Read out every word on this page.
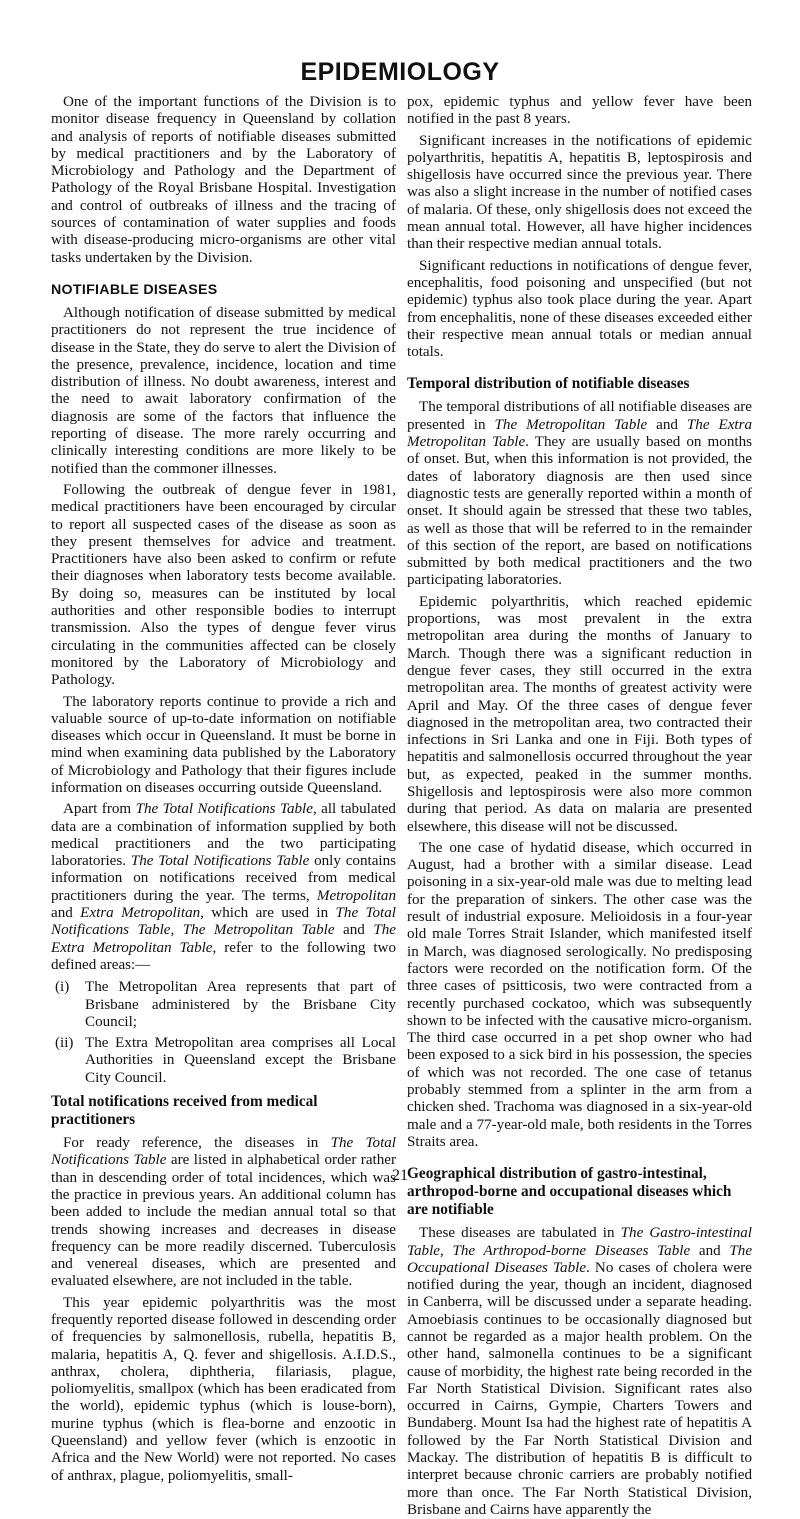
EPIDEMIOLOGY

One of the important functions of the Division is to monitor disease frequency in Queensland by collation and analysis of reports of notifiable diseases submitted by medical practitioners and by the Laboratory of Microbiology and Pathology and the Department of Pathology of the Royal Brisbane Hospital. Investigation and control of outbreaks of illness and the tracing of sources of contamination of water supplies and foods with disease-producing micro-organisms are other vital tasks undertaken by the Division.

NOTIFIABLE DISEASES

Although notification of disease submitted by medical practitioners do not represent the true incidence of disease in the State, they do serve to alert the Division of the presence, prevalence, incidence, location and time distribution of illness. No doubt awareness, interest and the need to await laboratory confirmation of the diagnosis are some of the factors that influence the reporting of disease. The more rarely occurring and clinically interesting conditions are more likely to be notified than the commoner illnesses.

Following the outbreak of dengue fever in 1981, medical practitioners have been encouraged by circular to report all suspected cases of the disease as soon as they present themselves for advice and treatment. Practitioners have also been asked to confirm or refute their diagnoses when laboratory tests become available. By doing so, measures can be instituted by local authorities and other responsible bodies to interrupt transmission. Also the types of dengue fever virus circulating in the communities affected can be closely monitored by the Laboratory of Microbiology and Pathology.

The laboratory reports continue to provide a rich and valuable source of up-to-date information on notifiable diseases which occur in Queensland. It must be borne in mind when examining data published by the Laboratory of Microbiology and Pathology that their figures include information on diseases occurring outside Queensland.

Apart from The Total Notifications Table, all tabulated data are a combination of information supplied by both medical practitioners and the two participating laboratories. The Total Notifications Table only contains information on notifications received from medical practitioners during the year. The terms, Metropolitan and Extra Metropolitan, which are used in The Total Notifications Table, The Metropolitan Table and The Extra Metropolitan Table, refer to the following two defined areas:—

(i)	The Metropolitan Area represents that part of Brisbane administered by the Brisbane City Council;
(ii) The Extra Metropolitan area comprises all Local Authorities in Queensland except the Brisbane City Council.
Total notifications received from medical practitioners

For ready reference, the diseases in The Total Notifications Table are listed in alphabetical order rather than in descending order of total incidences, which was the practice in previous years. An additional column has been added to include the median annual total so that trends showing increases and decreases in disease frequency can be more readily discerned. Tuberculosis and venereal diseases, which are presented and evaluated elsewhere, are not included in the table.

This year epidemic polyarthritis was the most frequently reported disease followed in descending order of frequencies by salmonellosis, rubella, hepatitis B, malaria, hepatitis A, Q. fever and shigellosis. A.I.D.S., anthrax, cholera, diphtheria, filariasis, plague, poliomyelitis, smallpox (which has been eradicated from the world), epidemic typhus (which is louse-born), murine typhus (which is flea-borne and enzootic in Queensland) and yellow fever (which is enzootic in Africa and the New World) were not reported. No cases of anthrax, plague, poliomyelitis, small-

pox, epidemic typhus and yellow fever have been notified in the past 8 years.

Significant increases in the notifications of epidemic polyarthritis, hepatitis A, hepatitis B, leptospirosis and shigellosis have occurred since the previous year. There was also a slight increase in the number of notified cases of malaria. Of these, only shigellosis does not exceed the mean annual total. However, all have higher incidences than their respective median annual totals.

Significant reductions in notifications of dengue fever, encephalitis, food poisoning and unspecified (but not epidemic) typhus also took place during the year. Apart from encephalitis, none of these diseases exceeded either their respective mean annual totals or median annual totals.

Temporal distribution of notifiable diseases

The temporal distributions of all notifiable diseases are presented in The Metropolitan Table and The Extra Metropolitan Table. They are usually based on months of onset. But, when this information is not provided, the dates of laboratory diagnosis are then used since diagnostic tests are generally reported within a month of onset. It should again be stressed that these two tables, as well as those that will be referred to in the remainder of this section of the report, are based on notifications submitted by both medical practitioners and the two participating laboratories.

Epidemic polyarthritis, which reached epidemic proportions, was most prevalent in the extra metropolitan area during the months of January to March. Though there was a significant reduction in dengue fever cases, they still occurred in the extra metropolitan area. The months of greatest activity were April and May. Of the three cases of dengue fever diagnosed in the metropolitan area, two contracted their infections in Sri Lanka and one in Fiji. Both types of hepatitis and salmonellosis occurred throughout the year but, as expected, peaked in the summer months. Shigellosis and leptospirosis were also more common during that period. As data on malaria are presented elsewhere, this disease will not be discussed.

The one case of hydatid disease, which occurred in August, had a brother with a similar disease. Lead poisoning in a six-year-old male was due to melting lead for the preparation of sinkers. The other case was the result of industrial exposure. Melioidosis in a four-year old male Torres Strait Islander, which manifested itself in March, was diagnosed serologically. No predisposing factors were recorded on the notification form. Of the three cases of psitticosis, two were contracted from a recently purchased cockatoo, which was subsequently shown to be infected with the causative micro-organism. The third case occurred in a pet shop owner who had been exposed to a sick bird in his possession, the species of which was not recorded. The one case of tetanus probably stemmed from a splinter in the arm from a chicken shed. Trachoma was diagnosed in a six-year-old male and a 77-year-old male, both residents in the Torres Straits area.

Geographical distribution of gastro-intestinal, arthropod-borne and occupational diseases which are notifiable

These diseases are tabulated in The Gastro-intestinal Table, The Arthropod-borne Diseases Table and The Occupational Diseases Table. No cases of cholera were notified during the year, though an incident, diagnosed in Canberra, will be discussed under a separate heading. Amoebiasis continues to be occasionally diagnosed but cannot be regarded as a major health problem. On the other hand, salmonella continues to be a significant cause of morbidity, the highest rate being recorded in the Far North Statistical Division. Significant rates also occurred in Cairns, Gympie, Charters Towers and Bundaberg. Mount Isa had the highest rate of hepatitis A followed by the Far North Statistical Division and Mackay. The distribution of hepatitis B is difficult to interpret because chronic carriers are probably notified more than once. The Far North Statistical Division, Brisbane and Cairns have apparently the

21
